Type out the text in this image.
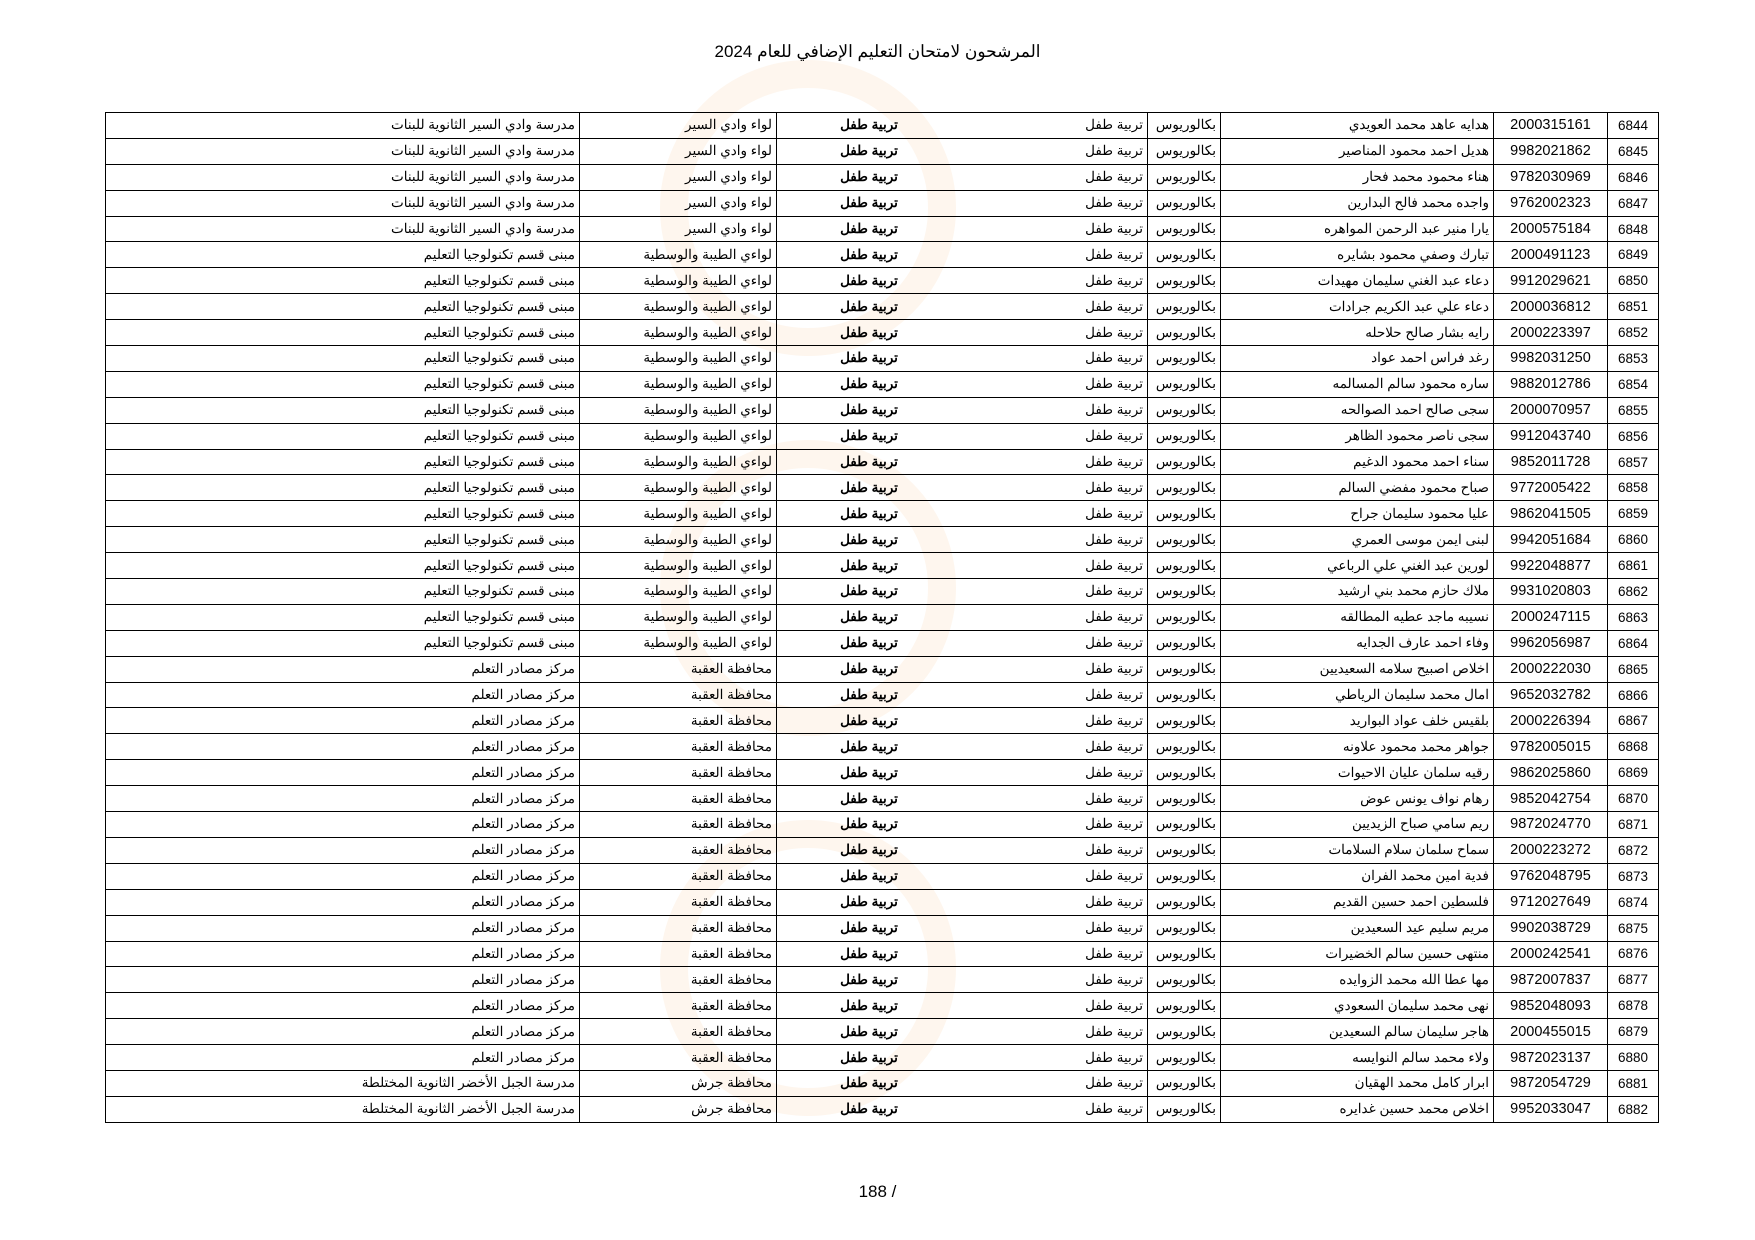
المرشحون لامتحان التعليم الإضافي للعام 2024
6844	2000315161	هدايه عاهد محمد العويدي	بكالوريوس	تربية طفل	تربية طفل	لواء وادي السير	مدرسة وادي السير الثانوية للبنات
6845	9982021862	هديل احمد محمود المناصير	بكالوريوس	تربية طفل	تربية طفل	لواء وادي السير	مدرسة وادي السير الثانوية للبنات
6846	9782030969	هناء محمود محمد فحار	بكالوريوس	تربية طفل	تربية طفل	لواء وادي السير	مدرسة وادي السير الثانوية للبنات
6847	9762002323	واجده محمد فالح البدارين	بكالوريوس	تربية طفل	تربية طفل	لواء وادي السير	مدرسة وادي السير الثانوية للبنات
6848	2000575184	يارا منير عبد الرحمن المواهره	بكالوريوس	تربية طفل	تربية طفل	لواء وادي السير	مدرسة وادي السير الثانوية للبنات
6849	2000491123	تبارك وصفي محمود بشايره	بكالوريوس	تربية طفل	تربية طفل	لواءي الطيبة والوسطية	مبنى قسم تكنولوجيا التعليم
6850	9912029621	دعاء عبد الغني سليمان مهيدات	بكالوريوس	تربية طفل	تربية طفل	لواءي الطيبة والوسطية	مبنى قسم تكنولوجيا التعليم
6851	2000036812	دعاء علي عبد الكريم جرادات	بكالوريوس	تربية طفل	تربية طفل	لواءي الطيبة والوسطية	مبنى قسم تكنولوجيا التعليم
6852	2000223397	رايه بشار صالح حلاحله	بكالوريوس	تربية طفل	تربية طفل	لواءي الطيبة والوسطية	مبنى قسم تكنولوجيا التعليم
6853	9982031250	رغد فراس احمد عواد	بكالوريوس	تربية طفل	تربية طفل	لواءي الطيبة والوسطية	مبنى قسم تكنولوجيا التعليم
6854	9882012786	ساره محمود سالم المسالمه	بكالوريوس	تربية طفل	تربية طفل	لواءي الطيبة والوسطية	مبنى قسم تكنولوجيا التعليم
6855	2000070957	سجى صالح احمد الصوالحه	بكالوريوس	تربية طفل	تربية طفل	لواءي الطيبة والوسطية	مبنى قسم تكنولوجيا التعليم
6856	9912043740	سجى ناصر محمود الظاهر	بكالوريوس	تربية طفل	تربية طفل	لواءي الطيبة والوسطية	مبنى قسم تكنولوجيا التعليم
6857	9852011728	سناء احمد محمود الدغيم	بكالوريوس	تربية طفل	تربية طفل	لواءي الطيبة والوسطية	مبنى قسم تكنولوجيا التعليم
6858	9772005422	صباح محمود مفضي السالم	بكالوريوس	تربية طفل	تربية طفل	لواءي الطيبة والوسطية	مبنى قسم تكنولوجيا التعليم
6859	9862041505	عليا محمود سليمان جراح	بكالوريوس	تربية طفل	تربية طفل	لواءي الطيبة والوسطية	مبنى قسم تكنولوجيا التعليم
6860	9942051684	لبنى ايمن موسى العمري	بكالوريوس	تربية طفل	تربية طفل	لواءي الطيبة والوسطية	مبنى قسم تكنولوجيا التعليم
6861	9922048877	لورين عبد الغني علي الرباعي	بكالوريوس	تربية طفل	تربية طفل	لواءي الطيبة والوسطية	مبنى قسم تكنولوجيا التعليم
6862	9931020803	ملاك حازم محمد بني ارشيد	بكالوريوس	تربية طفل	تربية طفل	لواءي الطيبة والوسطية	مبنى قسم تكنولوجيا التعليم
6863	2000247115	نسيبه ماجد عطيه المطالقه	بكالوريوس	تربية طفل	تربية طفل	لواءي الطيبة والوسطية	مبنى قسم تكنولوجيا التعليم
6864	9962056987	وفاء احمد عارف الجدايه	بكالوريوس	تربية طفل	تربية طفل	لواءي الطيبة والوسطية	مبنى قسم تكنولوجيا التعليم
6865	2000222030	اخلاص اصبيح سلامه السعيديين	بكالوريوس	تربية طفل	تربية طفل	محافظة العقبة	مركز مصادر التعلم
6866	9652032782	امال محمد سليمان الرياطي	بكالوريوس	تربية طفل	تربية طفل	محافظة العقبة	مركز مصادر التعلم
6867	2000226394	بلقيس خلف عواد البواريد	بكالوريوس	تربية طفل	تربية طفل	محافظة العقبة	مركز مصادر التعلم
6868	9782005015	جواهر محمد محمود علاونه	بكالوريوس	تربية طفل	تربية طفل	محافظة العقبة	مركز مصادر التعلم
6869	9862025860	رقيه سلمان عليان الاحيوات	بكالوريوس	تربية طفل	تربية طفل	محافظة العقبة	مركز مصادر التعلم
6870	9852042754	رهام نواف يونس عوض	بكالوريوس	تربية طفل	تربية طفل	محافظة العقبة	مركز مصادر التعلم
6871	9872024770	ريم سامي صباح الزيديين	بكالوريوس	تربية طفل	تربية طفل	محافظة العقبة	مركز مصادر التعلم
6872	2000223272	سماح سلمان سلام السلامات	بكالوريوس	تربية طفل	تربية طفل	محافظة العقبة	مركز مصادر التعلم
6873	9762048795	فدية امين محمد الفران	بكالوريوس	تربية طفل	تربية طفل	محافظة العقبة	مركز مصادر التعلم
6874	9712027649	فلسطين احمد حسين القديم	بكالوريوس	تربية طفل	تربية طفل	محافظة العقبة	مركز مصادر التعلم
6875	9902038729	مريم سليم عيد السعيدين	بكالوريوس	تربية طفل	تربية طفل	محافظة العقبة	مركز مصادر التعلم
6876	2000242541	منتهى حسين سالم الخضيرات	بكالوريوس	تربية طفل	تربية طفل	محافظة العقبة	مركز مصادر التعلم
6877	9872007837	مها عطا الله محمد الزوايده	بكالوريوس	تربية طفل	تربية طفل	محافظة العقبة	مركز مصادر التعلم
6878	9852048093	نهى محمد سليمان السعودي	بكالوريوس	تربية طفل	تربية طفل	محافظة العقبة	مركز مصادر التعلم
6879	2000455015	هاجر سليمان سالم السعيدين	بكالوريوس	تربية طفل	تربية طفل	محافظة العقبة	مركز مصادر التعلم
6880	9872023137	ولاء محمد سالم النوايسه	بكالوريوس	تربية طفل	تربية طفل	محافظة العقبة	مركز مصادر التعلم
6881	9872054729	ابرار كامل محمد الهقيان	بكالوريوس	تربية طفل	تربية طفل	محافظة جرش	مدرسة الجبل الأخضر الثانوية المختلطة
6882	9952033047	اخلاص محمد حسين غدايره	بكالوريوس	تربية طفل	تربية طفل	محافظة جرش	مدرسة الجبل الأخضر الثانوية المختلطة
188 /
